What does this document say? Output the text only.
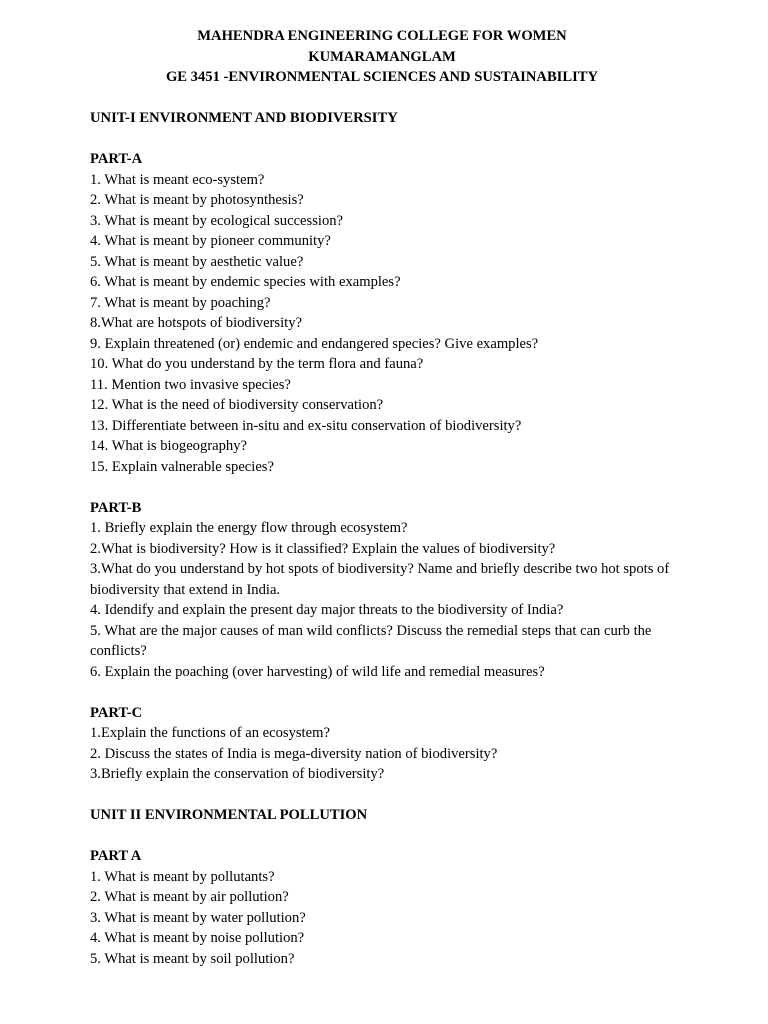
MAHENDRA ENGINEERING COLLEGE FOR WOMEN
KUMARAMANGLAM
GE 3451 -ENVIRONMENTAL SCIENCES AND SUSTAINABILITY
UNIT-I ENVIRONMENT AND BIODIVERSITY
PART-A
1. What is meant eco-system?
2. What is meant by photosynthesis?
3. What is meant by ecological succession?
4. What is meant by pioneer community?
5. What is meant by aesthetic value?
6. What is meant by endemic species with examples?
7. What is meant by poaching?
8.What are hotspots of biodiversity?
9. Explain threatened (or) endemic and endangered species? Give examples?
10. What do you understand by the term flora and fauna?
11. Mention two invasive species?
12. What is the need of biodiversity conservation?
13. Differentiate between in-situ and ex-situ conservation of biodiversity?
14. What is biogeography?
15. Explain valnerable species?
PART-B
1. Briefly explain the energy flow through ecosystem?
2.What is biodiversity? How is it classified? Explain the values of biodiversity?
3.What do you understand by hot spots of biodiversity? Name and briefly describe two hot spots of biodiversity that extend in India.
4. Idendify and explain the present day major threats to the biodiversity of India?
5. What are the major causes of man wild conflicts? Discuss the remedial steps that can curb the conflicts?
6. Explain the poaching (over harvesting) of wild life and remedial measures?
PART-C
1.Explain the functions of an ecosystem?
2. Discuss the states of India is mega-diversity nation of biodiversity?
3.Briefly explain the conservation of biodiversity?
UNIT II ENVIRONMENTAL POLLUTION
PART A
1. What is meant by pollutants?
2. What is meant by air pollution?
3. What is meant by water pollution?
4. What is meant by noise pollution?
5. What is meant by soil pollution?
